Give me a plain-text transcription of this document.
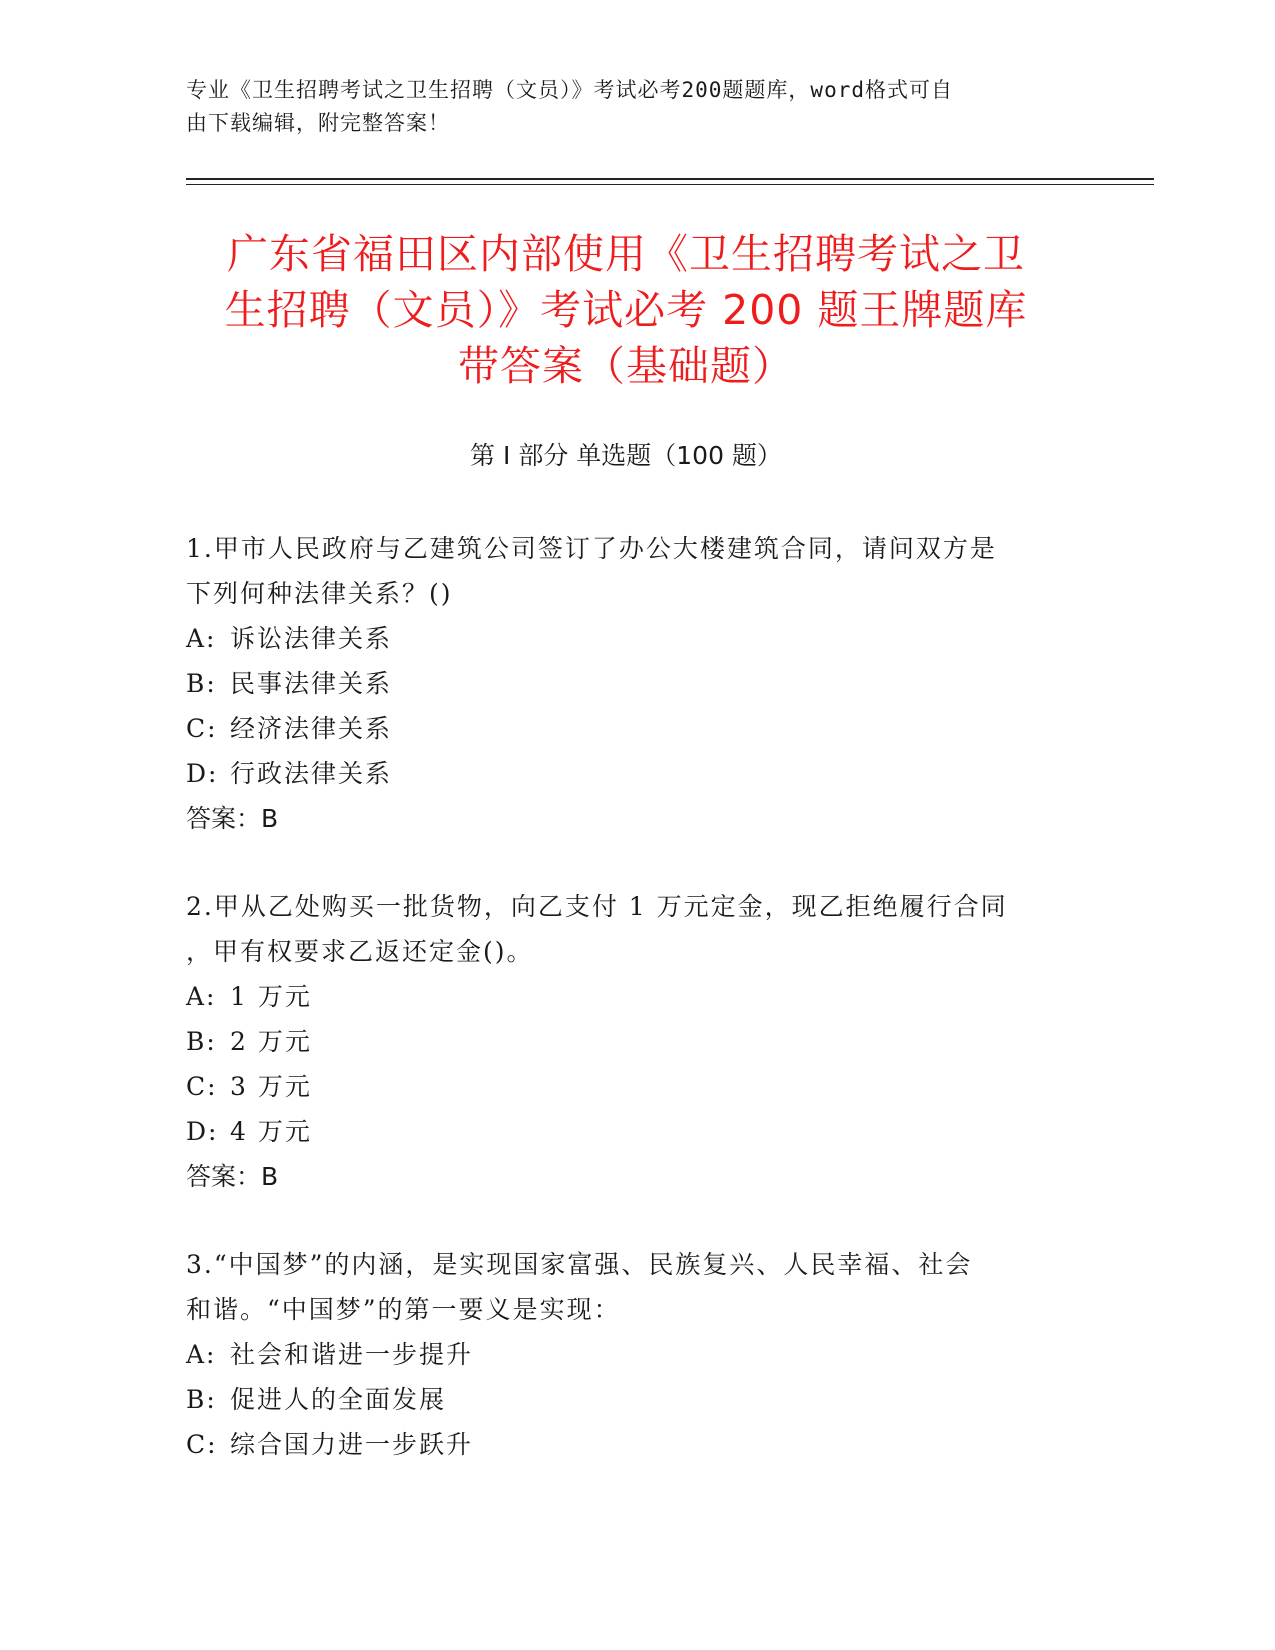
专业《卫生招聘考试之卫生招聘（文员）》考试必考200题题库，word格式可自
由下载编辑，附完整答案！
广东省福田区内部使用《卫生招聘考试之卫
生招聘（文员）》考试必考 200 题王牌题库
带答案（基础题）
第 I 部分 单选题（100 题）
1.甲市人民政府与乙建筑公司签订了办公大楼建筑合同，请问双方是
下列何种法律关系？()
A: 诉讼法律关系
B: 民事法律关系
C: 经济法律关系
D: 行政法律关系
答案：B
2.甲从乙处购买一批货物，向乙支付 1 万元定金，现乙拒绝履行合同
，甲有权要求乙返还定金()。
A: 1 万元
B: 2 万元
C: 3 万元
D: 4 万元
答案：B
3.“中国梦”的内涵，是实现国家富强、民族复兴、人民幸福、社会
和谐。“中国梦”的第一要义是实现：
A: 社会和谐进一步提升
B: 促进人的全面发展
C: 综合国力进一步跃升
